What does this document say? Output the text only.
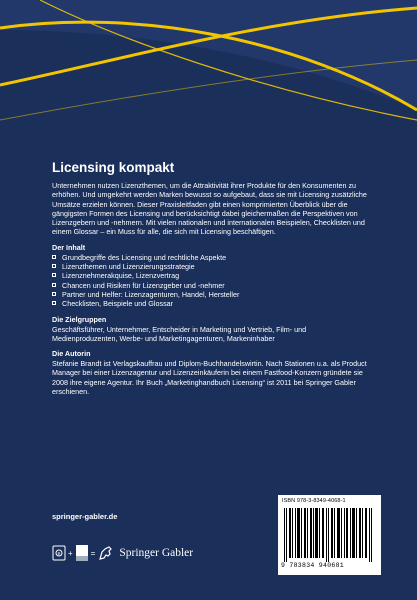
Licensing kompakt

Unternehmen nutzen Lizenzthemen, um die Attraktivität ihrer Produkte für den Konsumenten zu erhöhen. Und umgekehrt werden Marken bewusst so aufgebaut, dass sie mit Licensing zusätzliche Umsätze erzielen können. Dieser Praxisleitfaden gibt einen komprimierten Überblick über die gängigsten Formen des Licensing und berücksichtigt dabei gleichermaßen die Perspektiven von Lizenzgebern und -nehmern. Mit vielen nationalen und internationalen Beispielen, Checklisten und einem Glossar – ein Muss für alle, die sich mit Licensing beschäftigen.

Der Inhalt
Grundbegriffe des Licensing und rechtliche Aspekte
Lizenzthemen und Lizenzierungsstrategie
Lizenznehmerakquise, Lizenzvertrag
Chancen und Risiken für Lizenzgeber und -nehmer
Partner und Helfer: Lizenzagenturen, Handel, Hersteller
Checklisten, Beispiele und Glossar
Die Zielgruppen

Geschäftsführer, Unternehmer, Entscheider in Marketing und Vertrieb, Film- und Medienproduzenten, Werbe- und Marketingagenturen, Markeninhaber

Die Autorin

Stefanie Brandt ist Verlagskauffrau und Diplom-Buchhandelswirtin. Nach Stationen u.a. als Product Manager bei einer Lizenzagentur und Lizenzeinkäuferin bei einem Fastfood-Konzern gründete sie 2008 ihre eigene Agentur. Ihr Buch „Marketinghandbuch Licensing“ ist 2011 bei Springer Gabler erschienen.

springer-gabler.de
e + = Springer Gabler
ISBN 978-3-8349-4068-1
9 783834 940681
